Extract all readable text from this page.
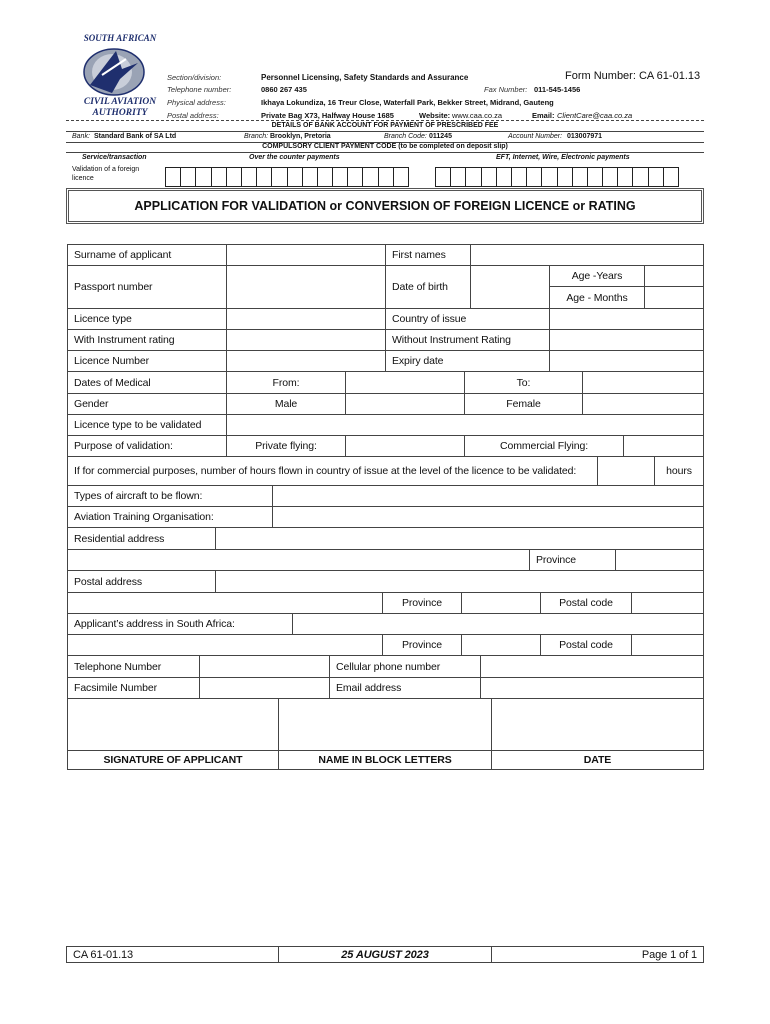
SOUTH AFRICAN
CIVIL AVIATION
AUTHORITY
Section/division:	Personnel Licensing, Safety Standards and Assurance	Form Number: CA 61-01.13
Telephone number:	0860 267 435	Fax Number: 011-545-1456
Physical address:	Ikhaya Lokundiza, 16 Treur Close, Waterfall Park, Bekker Street, Midrand, Gauteng
Postal address:	Private Bag X73, Halfway House 1685	Website: www.caa.co.za	Email: ClientCare@caa.co.za
DETAILS OF BANK ACCOUNT FOR PAYMENT OF PRESCRIBED FEE
Bank: Standard Bank of SA Ltd	Branch: Brooklyn, Pretoria	Branch Code: 011245	Account Number: 013007971
COMPULSORY CLIENT PAYMENT CODE (to be completed on deposit slip)
Service/transaction	Over the counter payments	EFT, Internet, Wire, Electronic payments
Validation of a foreign licence
APPLICATION FOR VALIDATION or CONVERSION OF FOREIGN LICENCE or RATING
Surname of applicant	First names
Passport number	Date of birth
Age -Years
Age - Months
Licence type	Country of issue
With Instrument rating	Without Instrument Rating
Licence Number	Expiry date
Dates of Medical	From:	To:
Gender	Male	Female
Licence type to be validated
Purpose of validation:	Private flying:	Commercial Flying:
If for commercial purposes, number of hours flown in country of issue at the level of the licence to be validated:	hours
Types of aircraft to be flown:
Aviation Training Organisation:
Residential address
Province
Postal address
Province	Postal code
Applicant’s address in South Africa:
Province	Postal code
Telephone Number	Cellular phone number
Facsimile Number	Email address
SIGNATURE OF APPLICANT	NAME IN BLOCK LETTERS	DATE
CA 61-01.13	25 AUGUST 2023	Page 1 of 1
